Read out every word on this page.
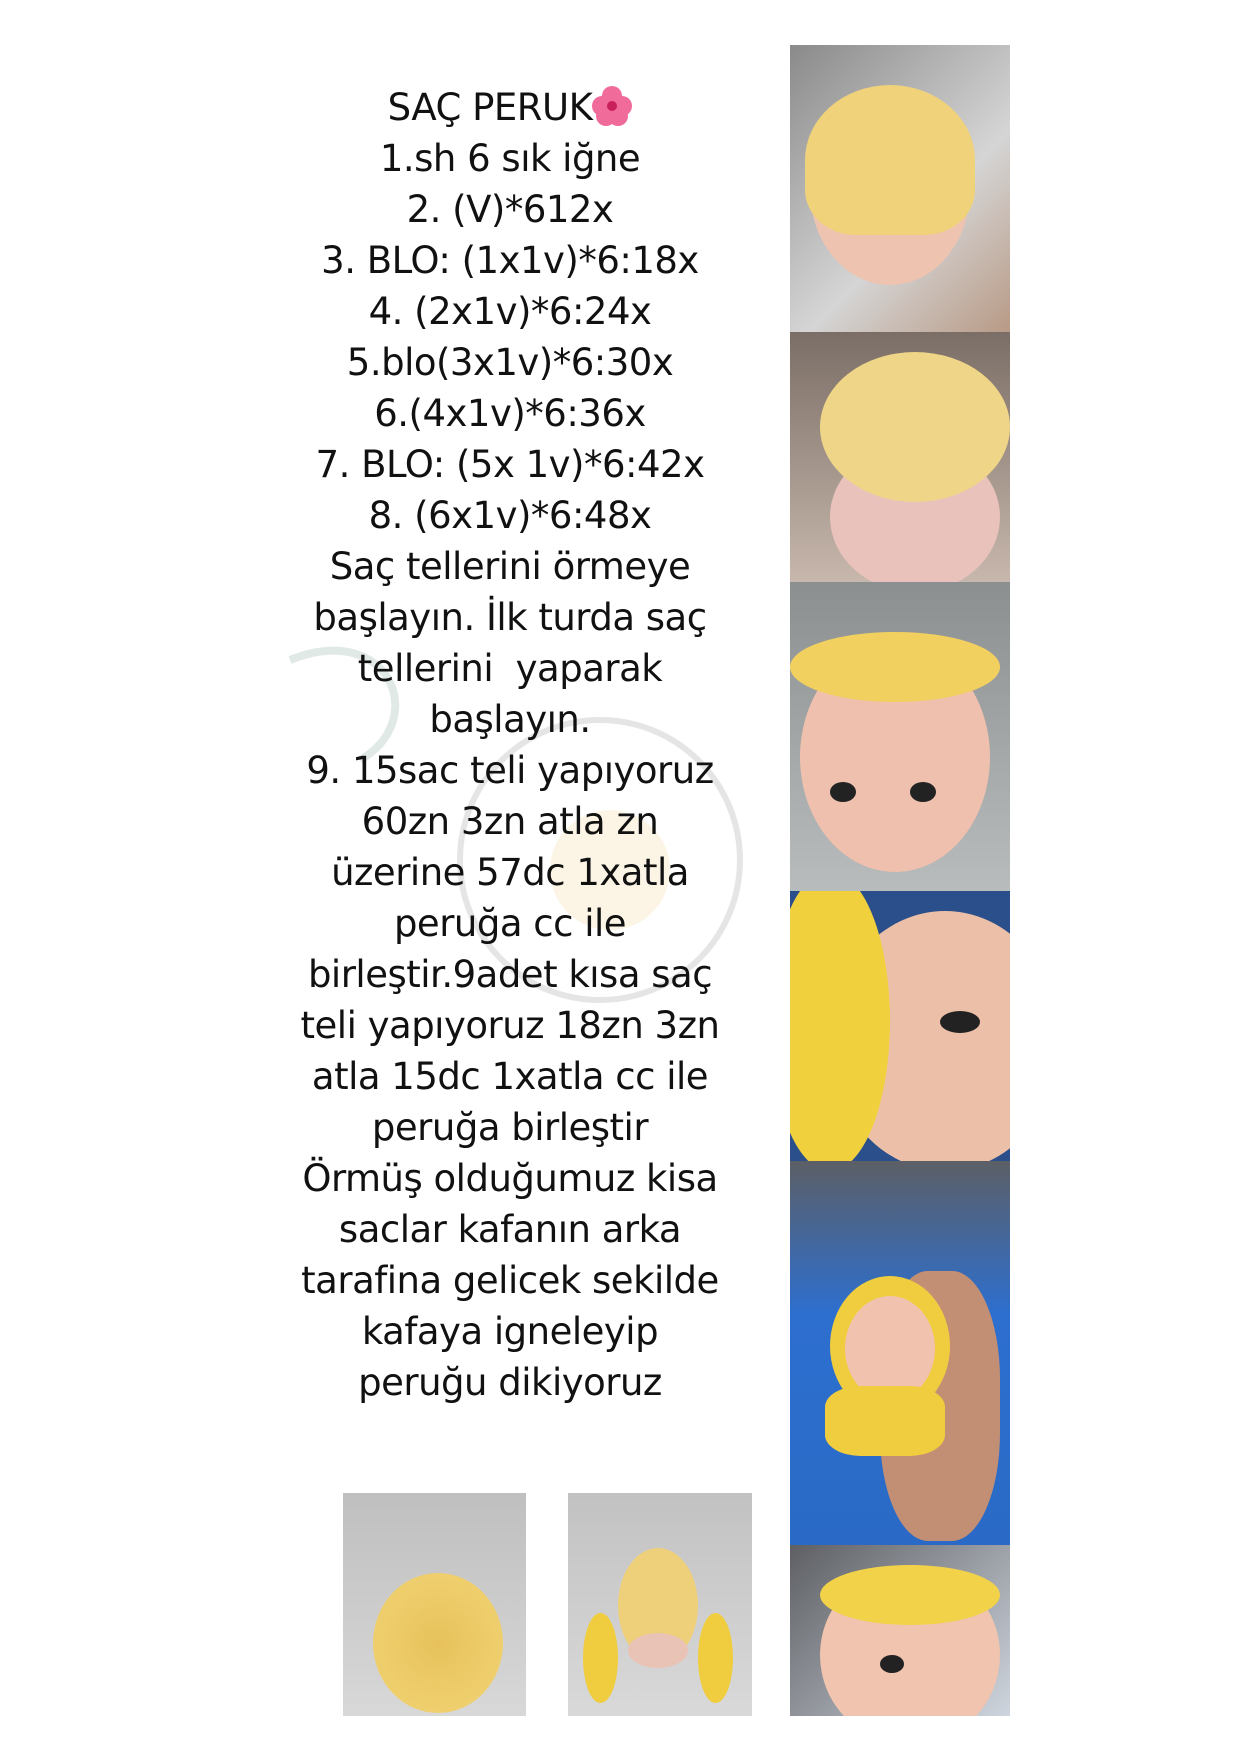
SAÇ PERUK
1.sh 6 sık iğne
2. (V)*612x
3. BLO: (1x1v)*6:18x
4. (2x1v)*6:24x
5.blo(3x1v)*6:30x
6.(4x1v)*6:36x
7. BLO: (5x 1v)*6:42x
8. (6x1v)*6:48x
Saç tellerini örmeye
başlayın. İlk turda saç
tellerini  yaparak
başlayın.
9. 15sac teli yapıyoruz
60zn 3zn atla zn
üzerine 57dc 1xatla
peruğa cc ile
birleştir.9adet kısa saç
teli yapıyoruz 18zn 3zn
atla 15dc 1xatla cc ile
peruğa birleştir
Örmüş olduğumuz kisa
saclar kafanın arka
tarafina gelicek sekilde
kafaya igneleyip
peruğu dikiyoruz
